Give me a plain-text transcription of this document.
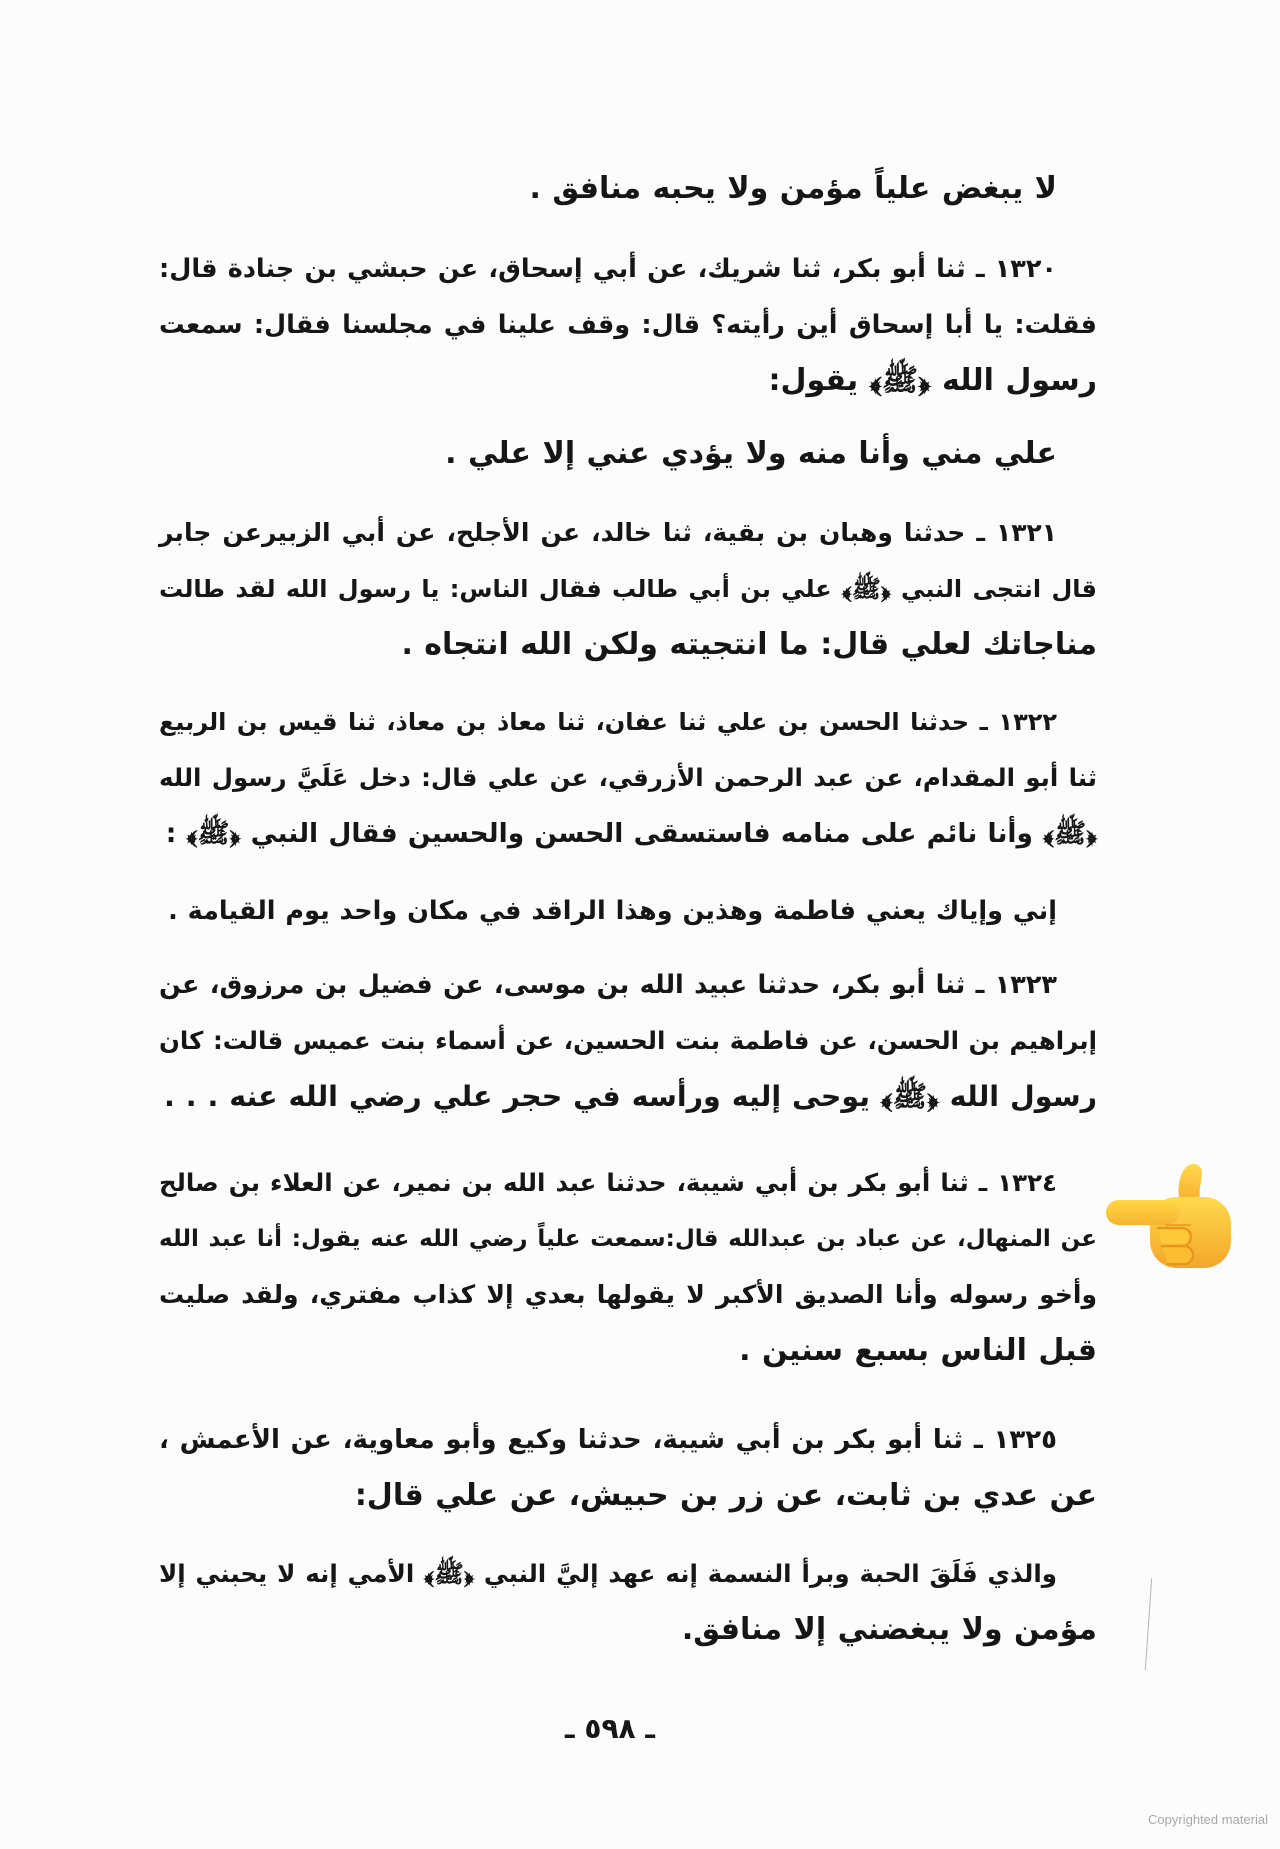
لا يبغض علياً مؤمن ولا يحبه منافق .
١٣٢٠ ـ ثنا أبو بكر، ثنا شريك، عن أبي إسحاق، عن حبشي بن جنادة قال:
فقلت: يا أبا إسحاق أين رأيته؟ قال: وقف علينا في مجلسنا فقال: سمعت
رسول الله ﴿ﷺ﴾ يقول:
علي مني وأنا منه ولا يؤدي عني إلا علي .
١٣٢١ ـ حدثنا وهبان بن بقية، ثنا خالد، عن الأجلح، عن أبي الزبيرعن جابر
قال انتجى النبي ﴿ﷺ﴾ علي بن أبي طالب فقال الناس: يا رسول الله لقد طالت
مناجاتك لعلي قال: ما انتجيته ولكن الله انتجاه .
١٣٢٢ ـ حدثنا الحسن بن علي ثنا عفان، ثنا معاذ بن معاذ، ثنا قيس بن الربيع
ثنا أبو المقدام، عن عبد الرحمن الأزرقي، عن علي قال: دخل عَلَيَّ رسول الله
﴿ﷺ﴾ وأنا نائم على منامه فاستسقى الحسن والحسين فقال النبي ﴿ﷺ﴾ :
إني وإياك يعني فاطمة وهذين وهذا الراقد في مكان واحد يوم القيامة .
١٣٢٣ ـ ثنا أبو بكر، حدثنا عبيد الله بن موسى، عن فضيل بن مرزوق، عن
إبراهيم بن الحسن، عن فاطمة بنت الحسين، عن أسماء بنت عميس قالت: كان
رسول الله ﴿ﷺ﴾ يوحى إليه ورأسه في حجر علي رضي الله عنه . . .
١٣٢٤ ـ ثنا أبو بكر بن أبي شيبة، حدثنا عبد الله بن نمير، عن العلاء بن صالح
عن المنهال، عن عباد بن عبدالله قال:سمعت علياً رضي الله عنه يقول: أنا عبد الله
وأخو رسوله وأنا الصديق الأكبر لا يقولها بعدي إلا كذاب مفتري، ولقد صليت
قبل الناس بسبع سنين .
١٣٢٥ ـ ثنا أبو بكر بن أبي شيبة، حدثنا وكيع وأبو معاوية، عن الأعمش ،
عن عدي بن ثابت، عن زر بن حبيش، عن علي قال:
والذي فَلَقَ الحبة وبرأ النسمة إنه عهد إليَّ النبي ﴿ﷺ﴾ الأمي إنه لا يحبني إلا
مؤمن ولا يبغضني إلا منافق.
ـ ٥٩٨ ـ
Copyrighted material
